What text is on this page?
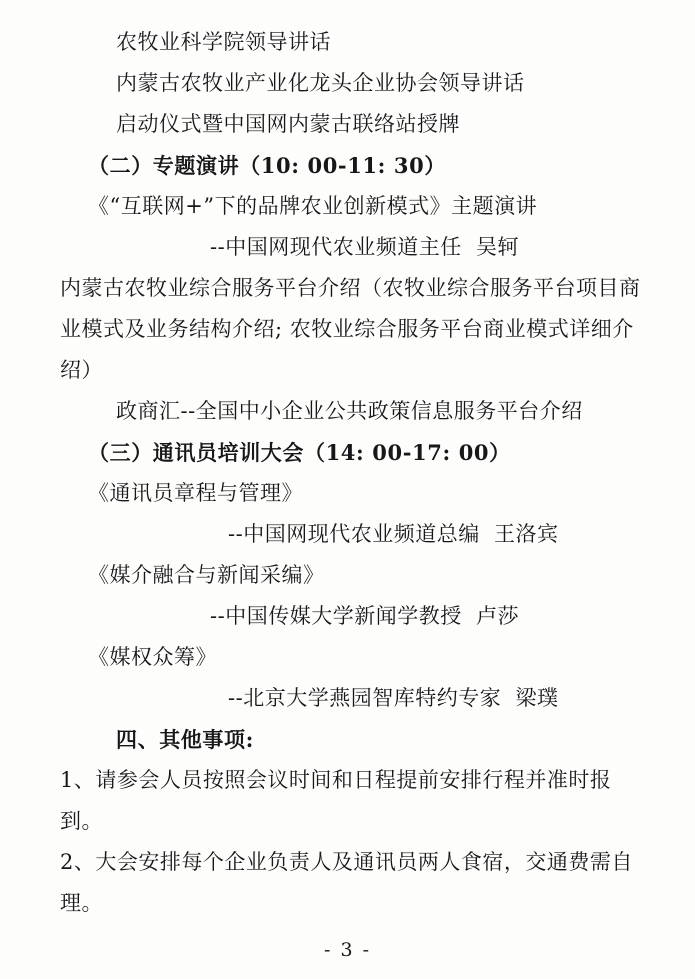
农牧业科学院领导讲话
内蒙古农牧业产业化龙头企业协会领导讲话
启动仪式暨中国网内蒙古联络站授牌
（二）专题演讲（10: 00-11: 30）
《“互联网+”下的品牌农业创新模式》主题演讲
--中国网现代农业频道主任  吴轲
内蒙古农牧业综合服务平台介绍（农牧业综合服务平台项目商业模式及业务结构介绍; 农牧业综合服务平台商业模式详细介绍）
政商汇--全国中小企业公共政策信息服务平台介绍
（三）通讯员培训大会（14: 00-17: 00）
《通讯员章程与管理》
--中国网现代农业频道总编  王洛宾
《媒介融合与新闻采编》
--中国传媒大学新闻学教授  卢莎
《媒权众筹》
--北京大学燕园智库特约专家  梁璞
四、其他事项:
1、请参会人员按照会议时间和日程提前安排行程并准时报到。
2、大会安排每个企业负责人及通讯员两人食宿，交通费需自理。
- 3 -
